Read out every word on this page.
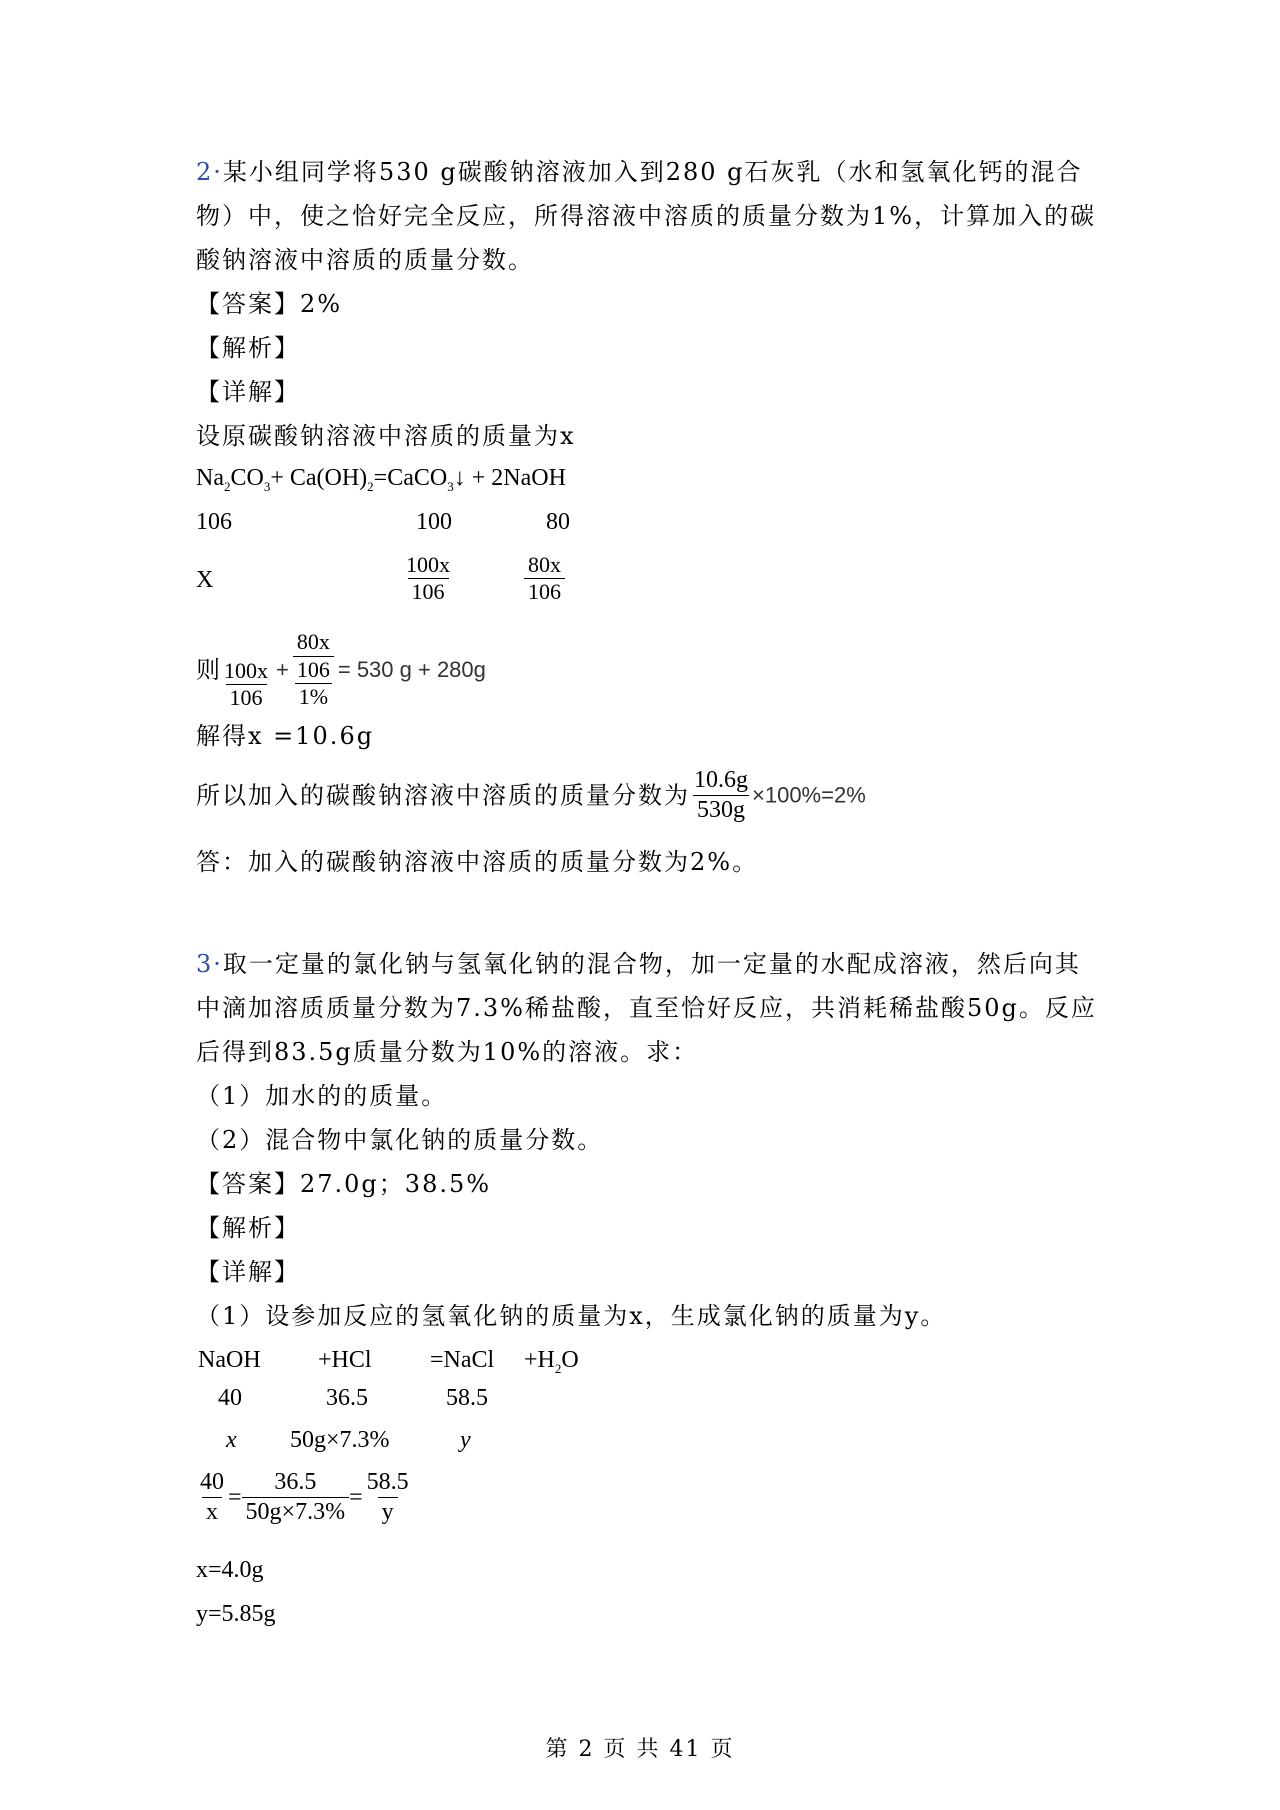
2·某小组同学将530 g碳酸钠溶液加入到280 g石灰乳（水和氢氧化钙的混合
物）中，使之恰好完全反应，所得溶液中溶质的质量分数为1%，计算加入的碳
酸钠溶液中溶质的质量分数。
【答案】2%
【解析】
【详解】
设原碳酸钠溶液中溶质的质量为x
$Na_2CO_3+$ $Ca(OH)_2=CaCO_3↓$ + 2NaOH
106	100	80
X	$\frac{100x}{106}$	$\frac{80x}{106}$
则 $\frac{100x}{106}$ +
80x
106
1%
= 530 g + 280g
解得x =10.6g
所以加入的碳酸钠溶液中溶质的质量分数为 $\frac{10.6g}{530g} \times 100\%=2\%$
答：加入的碳酸钠溶液中溶质的质量分数为2%。
3·取一定量的氯化钠与氢氧化钠的混合物，加一定量的水配成溶液，然后向其
中滴加溶质质量分数为7.3%稀盐酸，直至恰好反应，共消耗稀盐酸50g。反应
后得到83.5g质量分数为10%的溶液。求：
（1）加水的的质量。
（2）混合物中氯化钠的质量分数。
【答案】27.0g；38.5%
【解析】
【详解】
（1）设参加反应的氢氧化钠的质量为x，生成氯化钠的质量为y。
NaOH +HCl =NaCl $+H_2O$
40	36.5	58.5
x 50g×7.3%	y
$\frac{40}{x} = \frac{36.5}{50g\times 7.3\%} = \frac{58.5}{y}$
x=4.0g
y=5.85g
第 2 页 共 41 页
